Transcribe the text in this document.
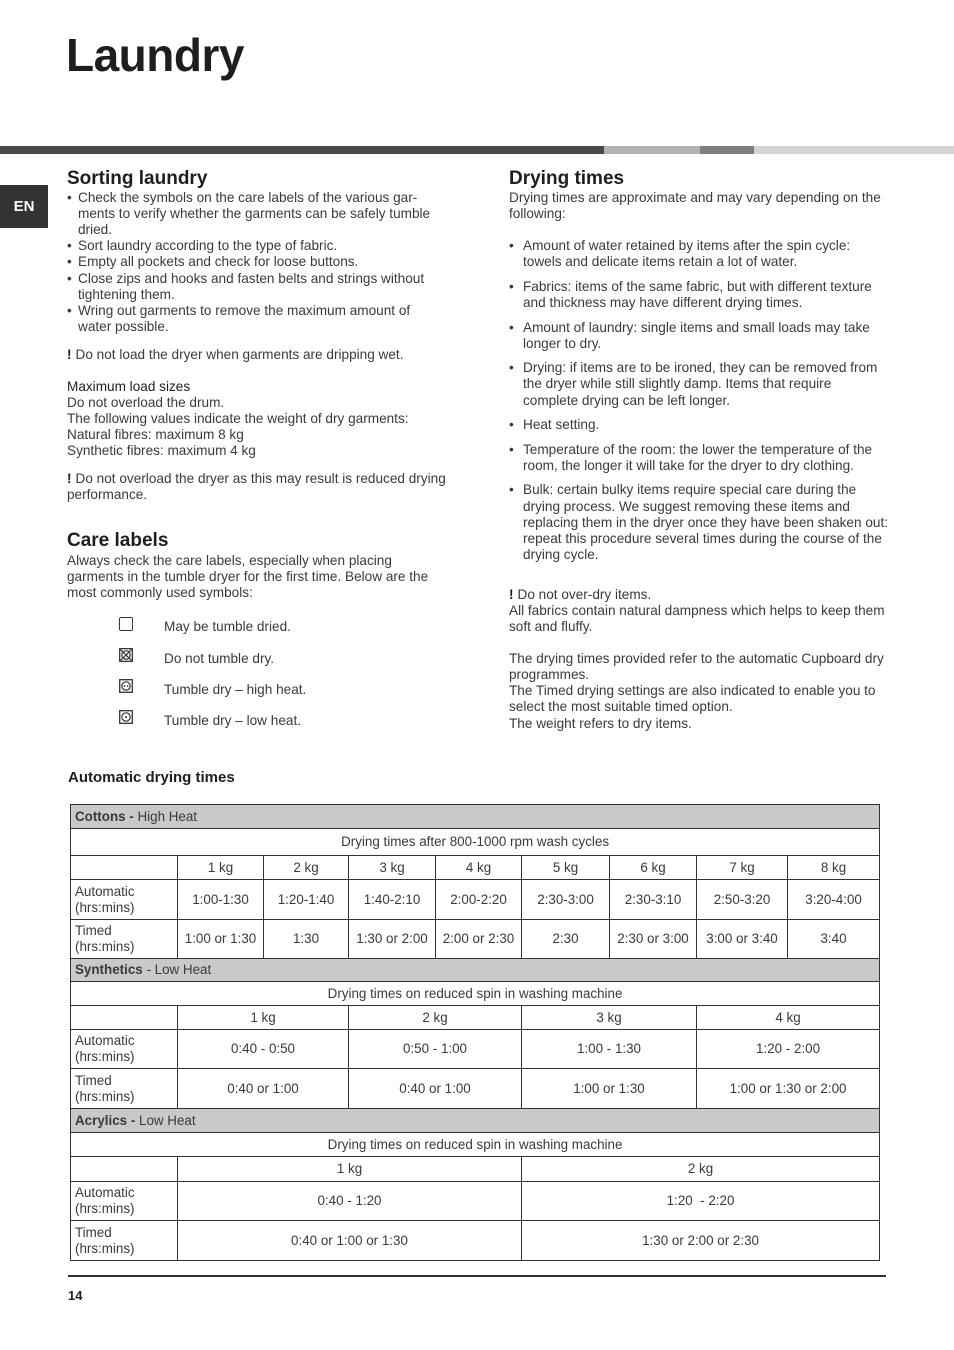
Laundry
EN
Sorting laundry
• Check the symbols on the care labels of the various gar-ments to verify whether the garments can be safely tumble dried.
• Sort laundry according to the type of fabric.
• Empty all pockets and check for loose buttons.
• Close zips and hooks and fasten belts and strings without tightening them.
• Wring out garments to remove the maximum amount of water possible.

! Do not load the dryer when garments are dripping wet.

Maximum load sizes

Do not overload the drum.

The following values indicate the weight of dry garments:

Natural fibres: maximum 8 kg

Synthetic fibres: maximum 4 kg

! Do not overload the dryer as this may result is reduced drying performance.

Care labels

Always check the care labels, especially when placing garments in the tumble dryer for the first time. Below are the most commonly used symbols:

May be tumble dried.
Do not tumble dry.
Tumble dry – high heat.
Tumble dry – low heat.
Drying times

Drying times are approximate and may vary depending on the following:

• Amount of water retained by items after the spin cycle: towels and delicate items retain a lot of water.
• Fabrics: items of the same fabric, but with different texture and thickness may have different drying times.
• Amount of laundry: single items and small loads may take longer to dry.
• Drying: if items are to be ironed, they can be removed from the dryer while still slightly damp. Items that require complete drying can be left longer.
• Heat setting.
• Temperature of the room: the lower the temperature of the room, the longer it will take for the dryer to dry clothing.
• Bulk: certain bulky items require special care during the drying process. We suggest removing these items and replacing them in the dryer once they have been shaken out: repeat this procedure several times during the course of the drying cycle.

! Do not over-dry items.

All fabrics contain natural dampness which helps to keep them soft and fluffy.

The drying times provided refer to the automatic Cupboard dry programmes.

The Timed drying settings are also indicated to enable you to select the most suitable timed option.

The weight refers to dry items.

Automatic drying times
Cottons - High Heat								
Drying times after 800-1000 rpm wash cycles								
	1 kg	2 kg	3 kg	4 kg	5 kg	6 kg	7 kg	8 kg
Automatic
(hrs:mins)	1:00-1:30	1:20-1:40	1:40-2:10	2:00-2:20	2:30-3:00	2:30-3:10	2:50-3:20	3:20-4:00
Timed
(hrs:mins)	1:00 or 1:30	1:30	1:30 or 2:00	2:00 or 2:30	2:30	2:30 or 3:00	3:00 or 3:40	3:40
Synthetics - Low Heat								
Drying times on reduced spin in washing machine								
	1 kg		2 kg		3 kg		4 kg	
Automatic
(hrs:mins)	0:40 - 0:50		0:50 - 1:00		1:00 - 1:30		1:20 - 2:00	
Timed
(hrs:mins)	0:40 or 1:00		0:40 or 1:00		1:00 or 1:30		1:00 or 1:30 or 2:00	
Acrylics - Low Heat								
Drying times on reduced spin in washing machine								
	1 kg				2 kg			
Automatic
(hrs:mins)	0:40 - 1:20				1:20  - 2:20			
Timed
(hrs:mins)	0:40 or 1:00 or 1:30				1:30 or 2:00 or 2:30			
14
